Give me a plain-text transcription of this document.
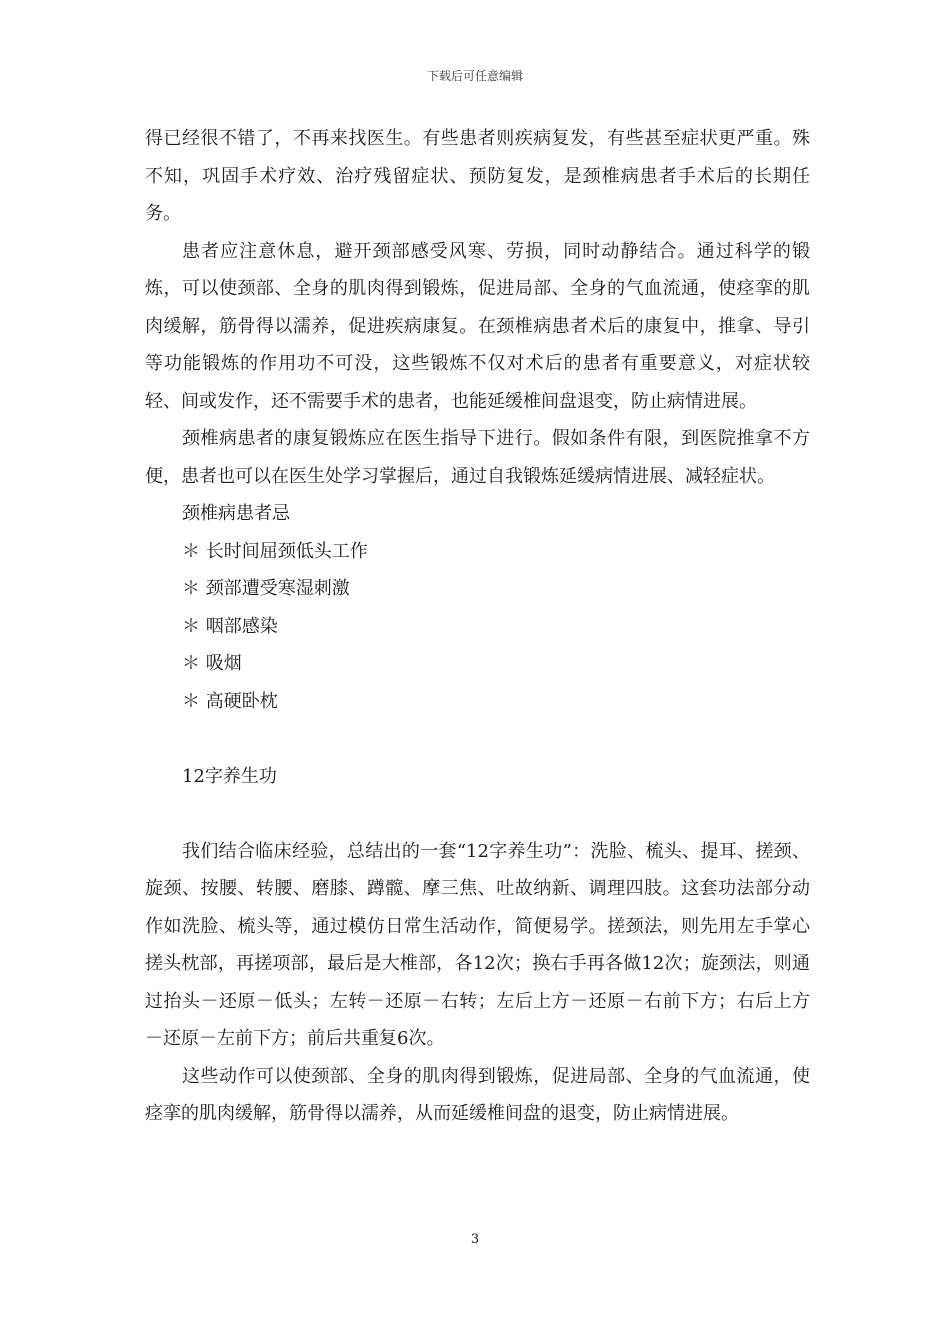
下载后可任意编辑

得已经很不错了，不再来找医生。有些患者则疾病复发，有些甚至症状更严重。殊不知，巩固手术疗效、治疗残留症状、预防复发，是颈椎病患者手术后的长期任务。

患者应注意休息，避开颈部感受风寒、劳损，同时动静结合。通过科学的锻炼，可以使颈部、全身的肌肉得到锻炼，促进局部、全身的气血流通，使痉挛的肌肉缓解，筋骨得以濡养，促进疾病康复。在颈椎病患者术后的康复中，推拿、导引等功能锻炼的作用功不可没，这些锻炼不仅对术后的患者有重要意义，对症状较轻、间或发作，还不需要手术的患者，也能延缓椎间盘退变，防止病情进展。

颈椎病患者的康复锻炼应在医生指导下进行。假如条件有限，到医院推拿不方便，患者也可以在医生处学习掌握后，通过自我锻炼延缓病情进展、减轻症状。

颈椎病患者忌

＊ 长时间屈颈低头工作

＊ 颈部遭受寒湿刺激

＊ 咽部感染

＊ 吸烟

＊ 高硬卧枕

12字养生功

我们结合临床经验，总结出的一套“12字养生功”：洗脸、梳头、提耳、搓颈、旋颈、按腰、转腰、磨膝、蹲髋、摩三焦、吐故纳新、调理四肢。这套功法部分动作如洗脸、梳头等，通过模仿日常生活动作，简便易学。搓颈法，则先用左手掌心搓头枕部，再搓项部，最后是大椎部，各12次；换右手再各做12次；旋颈法，则通过抬头－还原－低头；左转－还原－右转；左后上方－还原－右前下方；右后上方－还原－左前下方；前后共重复6次。

这些动作可以使颈部、全身的肌肉得到锻炼，促进局部、全身的气血流通，使痉挛的肌肉缓解，筋骨得以濡养，从而延缓椎间盘的退变，防止病情进展。

3
